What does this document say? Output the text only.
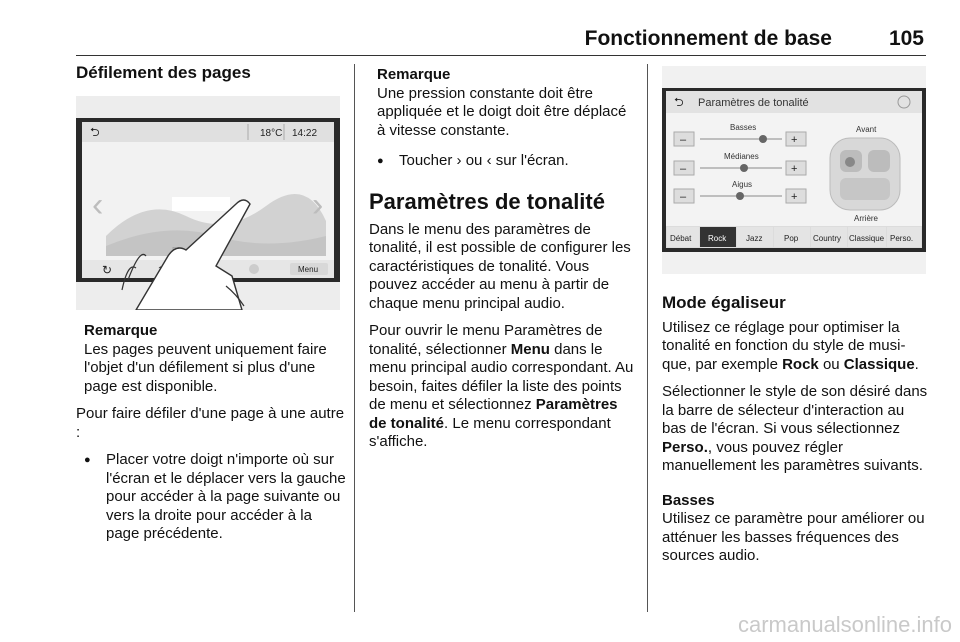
Fonctionnement de base	105
Défilement des pages
⮌	18°C 14:22
‹	›
↻	Menu
Remarque
Les pages peuvent uniquement faire l'objet d'un défilement si plus d'une page est disponible.

Pour faire défiler d'une page à une autre :

● Placer votre doigt n'importe où sur l'écran et le déplacer vers la gauche pour accéder à la page suivante ou vers la droite pour accéder à la page précédente.
Remarque
Une pression constante doit être appliquée et le doigt doit être déplacé à vitesse constante.
● Toucher › ou ‹ sur l'écran.
Paramètres de tonalité

Dans le menu des paramètres de tonalité, il est possible de configurer les caractéristiques de tonalité. Vous pouvez accéder au menu à partir de chaque menu principal audio.

Pour ouvrir le menu Paramètres de tonalité, sélectionner Menu dans le menu principal audio correspondant. Au besoin, faites défiler la liste des points de menu et sélectionnez Paramètres de tonalité. Le menu correspondant s'affiche.

⮌ Paramètres de tonalité
Basses
–	+
Médianes
–	+
Aigus
–	+
Avant
Arrière
Débat Rock Jazz	Pop Country Classique Perso.
Mode égaliseur

Utilisez ce réglage pour optimiser la tonalité en fonction du style de musique, par exemple Rock ou Classique.

Sélectionner le style de son désiré dans la barre de sélecteur d'interaction au bas de l'écran. Si vous sélectionnez Perso., vous pouvez régler manuellement les paramètres suivants.

Basses

Utilisez ce paramètre pour améliorer ou atténuer les basses fréquences des sources audio.

carmanualsonline.info
